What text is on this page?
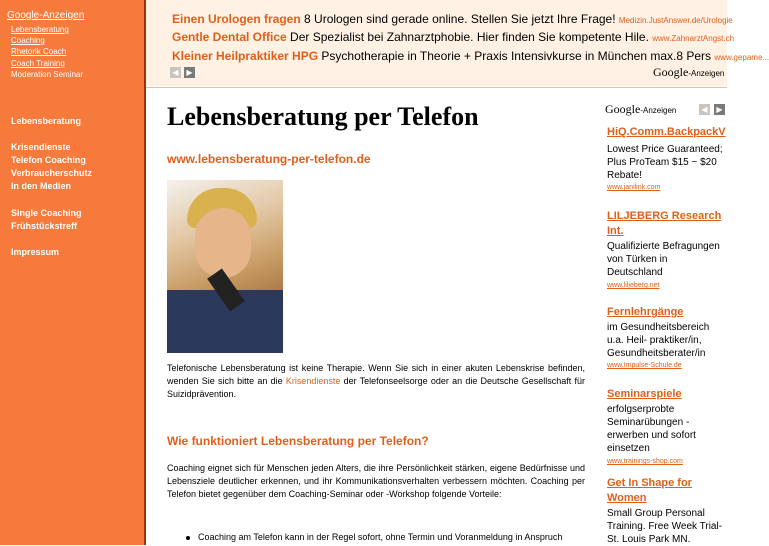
Google-Anzeigen
Lebensberatung
Coaching
Rhetorik Coach
Coach Training
Moderation Seminar
Lebensberatung
Krisendienste
Telefon Coaching
Verbraucherschutz
In den Medien
Single Coaching
Frühstückstreff
Impressum
Einen Urologen fragen 8 Urologen sind gerade online. Stellen Sie jetzt Ihre Frage! Medizin.JustAnswer.de/Urologie
Gentle Dental Office Der Spezialist bei Zahnarztphobie. Hier finden Sie kompetente Hile. www.ZahnarztAngst.ch
Kleiner Heilpraktiker HPG Psychotherapie in Theorie + Praxis Intensivkurse in München max.8 Pers www.gepame...
◀ ▶	Google-Anzeigen
Lebensberatung per Telefon
www.lebensberatung-per-telefon.de
Telefonische Lebensberatung ist keine Therapie. Wenn Sie sich in einer akuten Lebenskrise befinden, wenden Sie sich bitte an die Krisendienste der Telefonseelsorge oder an die Deutsche Gesellschaft für Suizidprävention.
Wie funktioniert Lebensberatung per Telefon?
Coaching eignet sich für Menschen jeden Alters, die ihre Persönlichkeit stärken, eigene Bedürfnisse und Lebensziele deutlicher erkennen, und ihr Kommunikationsverhalten verbessern möchten. Coaching per Telefon bietet gegenüber dem Coaching-Seminar oder -Workshop folgende Vorteile:
Coaching am Telefon kann in der Regel sofort, ohne Termin und Voranmeldung in Anspruch
Google-Anzeigen	◀	▶
HiQ.Comm.BackpackV
Lowest Price Guaranteed; Plus ProTeam $15 ~ $20 Rebate!
www.janilink.com
LILJEBERG Research Int.
Qualifizierte Befragungen von Türken in Deutschland
www.liljeberg.net
Fernlehrgänge
im Gesundheitsbereich u.a. Heil- praktiker/in, Gesundheitsberater/in
www.Impulse-Schule.de
Seminarspiele
erfolgserprobte Seminarübungen - erwerben und sofort einsetzen
www.trainings-shop.com
Get In Shape for Women
Small Group Personal Training. Free Week Trial- St. Louis Park MN.
